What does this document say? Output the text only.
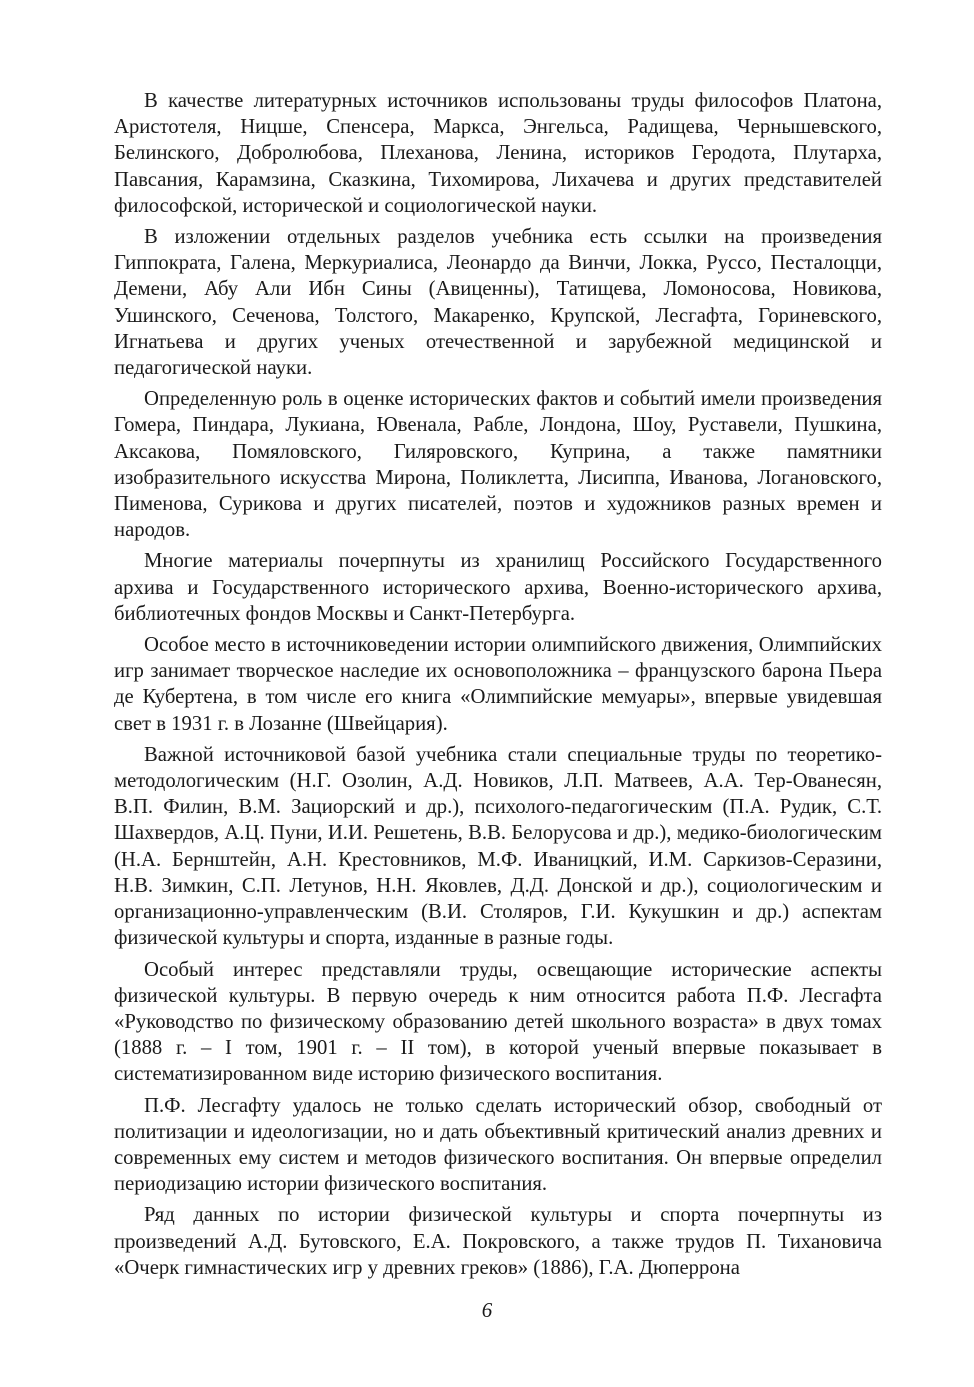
В качестве литературных источников использованы труды философов Платона, Аристотеля, Ницше, Спенсера, Маркса, Энгельса, Радищева, Чернышевского, Белинского, Добролюбова, Плеханова, Ленина, историков Геродота, Плутарха, Павсания, Карамзина, Сказкина, Тихомирова, Лихачева и других представителей философской, исторической и социологической науки.

В изложении отдельных разделов учебника есть ссылки на произведения Гиппократа, Галена, Меркуриалиса, Леонардо да Винчи, Локка, Руссо, Песталоцци, Демени, Абу Али Ибн Сины (Авиценны), Татищева, Ломоносова, Новикова, Ушинского, Сеченова, Толстого, Макаренко, Крупской, Лесгафта, Гориневского, Игнатьева и других ученых отечественной и зарубежной медицинской и педагогической науки.

Определенную роль в оценке исторических фактов и событий имели произведения Гомера, Пиндара, Лукиана, Ювенала, Рабле, Лондона, Шоу, Руставели, Пушкина, Аксакова, Помяловского, Гиляровского, Куприна, а также памятники изобразительного искусства Мирона, Поликлетта, Лисиппа, Иванова, Логановского, Пименова, Сурикова и других писателей, поэтов и художников разных времен и народов.

Многие материалы почерпнуты из хранилищ Российского Государственного архива и Государственного исторического архива, Военно-исторического архива, библиотечных фондов Москвы и Санкт-Петербурга.

Особое место в источниковедении истории олимпийского движения, Олимпийских игр занимает творческое наследие их основоположника – французского барона Пьера де Кубертена, в том числе его книга «Олимпийские мемуары», впервые увидевшая свет в 1931 г. в Лозанне (Швейцария).

Важной источниковой базой учебника стали специальные труды по теоретико-методологическим (Н.Г. Озолин, А.Д. Новиков, Л.П. Матвеев, А.А. Тер-Ованесян, В.П. Филин, В.М. Зациорский и др.), психолого-педагогическим (П.А. Рудик, С.Т. Шахвердов, А.Ц. Пуни, И.И. Решетень, В.В. Белорусова и др.), медико-биологическим (Н.А. Бернштейн, А.Н. Крестовников, М.Ф. Иваницкий, И.М. Саркизов-Серазини, Н.В. Зимкин, С.П. Летунов, Н.Н. Яковлев, Д.Д. Донской и др.), социологическим и организационно-управленческим (В.И. Столяров, Г.И. Кукушкин и др.) аспектам физической культуры и спорта, изданные в разные годы.

Особый интерес представляли труды, освещающие исторические аспекты физической культуры. В первую очередь к ним относится работа П.Ф. Лесгафта «Руководство по физическому образованию детей школьного возраста» в двух томах (1888 г. – I том, 1901 г. – II том), в которой ученый впервые показывает в систематизированном виде историю физического воспитания.

П.Ф. Лесгафту удалось не только сделать исторический обзор, свободный от политизации и идеологизации, но и дать объективный критический анализ древних и современных ему систем и методов физического воспитания. Он впервые определил периодизацию истории физического воспитания.

Ряд данных по истории физической культуры и спорта почерпнуты из произведений А.Д. Бутовского, Е.А. Покровского, а также трудов П. Тихановича «Очерк гимнастических игр у древних греков» (1886), Г.А. Дюперрона

6
